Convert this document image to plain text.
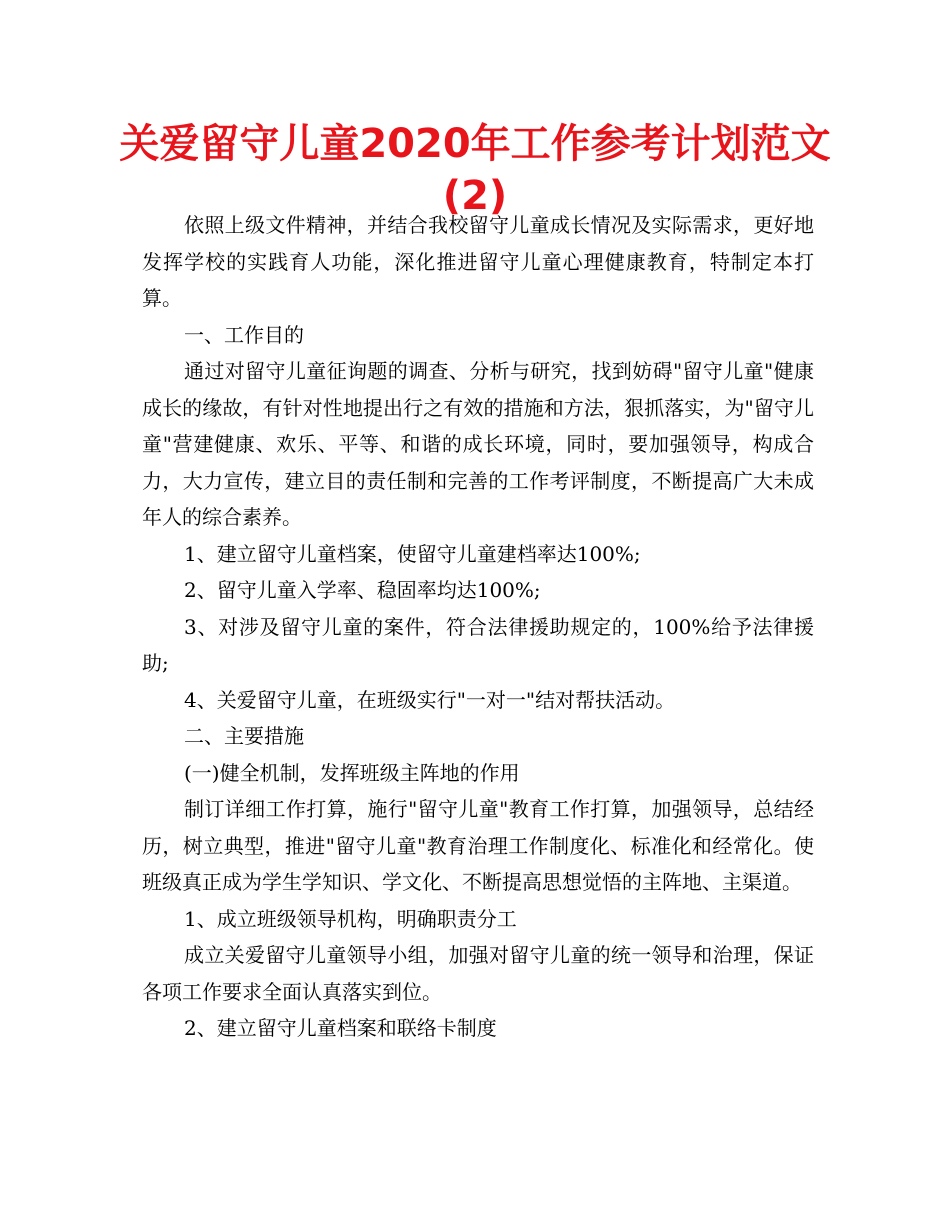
关爱留守儿童2020年工作参考计划范文(2)

依照上级文件精神，并结合我校留守儿童成长情况及实际需求，更好地发挥学校的实践育人功能，深化推进留守儿童心理健康教育，特制定本打算。

一、工作目的

通过对留守儿童征询题的调查、分析与研究，找到妨碍"留守儿童"健康成长的缘故，有针对性地提出行之有效的措施和方法，狠抓落实，为"留守儿童"营建健康、欢乐、平等、和谐的成长环境，同时，要加强领导，构成合力，大力宣传，建立目的责任制和完善的工作考评制度，不断提高广大未成年人的综合素养。

1、建立留守儿童档案，使留守儿童建档率达100%;

2、留守儿童入学率、稳固率均达100%;

3、对涉及留守儿童的案件，符合法律援助规定的，100%给予法律援助;

4、关爱留守儿童，在班级实行"一对一"结对帮扶活动。

二、主要措施

(一)健全机制，发挥班级主阵地的作用

制订详细工作打算，施行"留守儿童"教育工作打算，加强领导，总结经历，树立典型，推进"留守儿童"教育治理工作制度化、标准化和经常化。使班级真正成为学生学知识、学文化、不断提高思想觉悟的主阵地、主渠道。

1、成立班级领导机构，明确职责分工

成立关爱留守儿童领导小组，加强对留守儿童的统一领导和治理，保证各项工作要求全面认真落实到位。

2、建立留守儿童档案和联络卡制度
